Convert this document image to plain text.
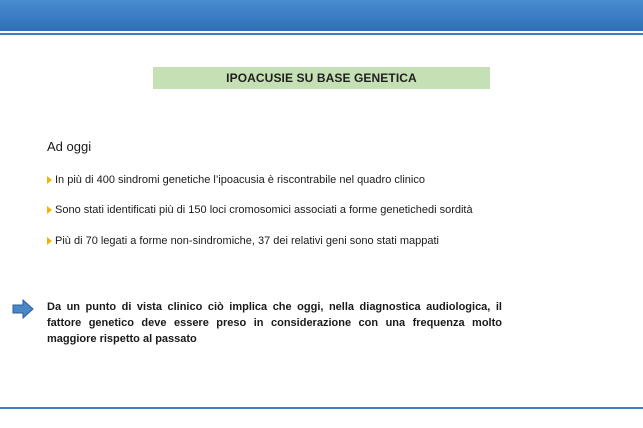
IPOACUSIE SU BASE GENETICA
Ad oggi
In più di 400 sindromi genetiche l’ipoacusia è riscontrabile nel quadro clinico
Sono stati identificati più di 150 loci cromosomici associati a forme genetichedi sordità
Più di 70 legati a forme non-sindromiche, 37 dei relativi geni sono stati mappati
Da un punto di vista clinico ciò implica che oggi, nella diagnostica audiologica, il fattore genetico deve essere preso in considerazione con una frequenza molto maggiore rispetto al passato
